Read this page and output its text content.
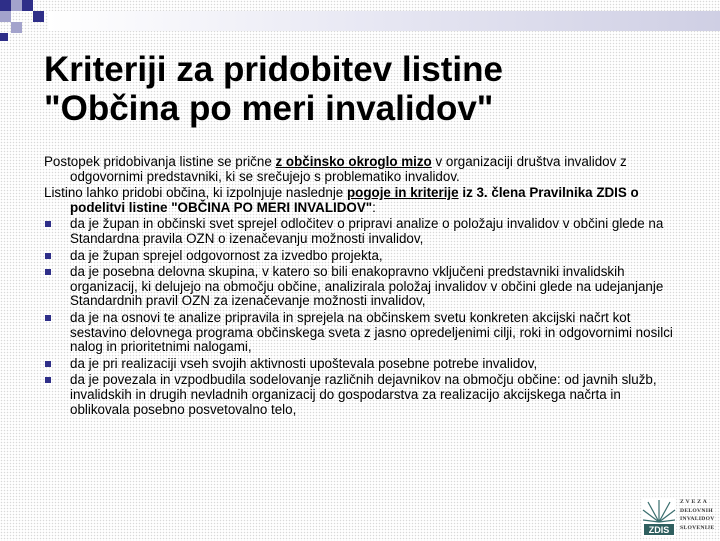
Kriteriji za pridobitev listine
"Občina po meri invalidov"

Postopek pridobivanja listine se prične z občinsko okroglo mizo v organizaciji društva invalidov z odgovornimi predstavniki, ki se srečujejo s problematiko invalidov.

Listino lahko pridobi občina, ki izpolnjuje naslednje pogoje in kriterije iz 3. člena Pravilnika ZDIS o podelitvi listine "OBČINA PO MERI INVALIDOV":

da je župan in občinski svet sprejel odločitev o pripravi analize o položaju invalidov v občini glede na Standardna pravila OZN o izenačevanju možnosti invalidov,
da je župan sprejel odgovornost za izvedbo projekta,
da je posebna delovna skupina, v katero so bili enakopravno vključeni predstavniki invalidskih organizacij, ki delujejo na območju občine, analizirala položaj invalidov v občini glede na udejanjanje Standardnih pravil OZN za izenačevanje možnosti invalidov,
da je na osnovi te analize pripravila in sprejela na občinskem svetu konkreten akcijski načrt kot sestavino delovnega programa občinskega sveta z jasno opredeljenimi cilji, roki in odgovornimi nosilci nalog in prioritetnimi nalogami,
da je pri realizaciji vseh svojih aktivnosti upoštevala posebne potrebe invalidov,
da je povezala in vzpodbudila sodelovanje različnih dejavnikov na območju občine: od javnih služb, invalidskih in drugih nevladnih organizacij do gospodarstva za realizacijo akcijskega načrta in oblikovala posebno posvetovalno telo,
ZDIS
Z V E Z A
DELOVNIH
INVALIDOV
SLOVENIJE
